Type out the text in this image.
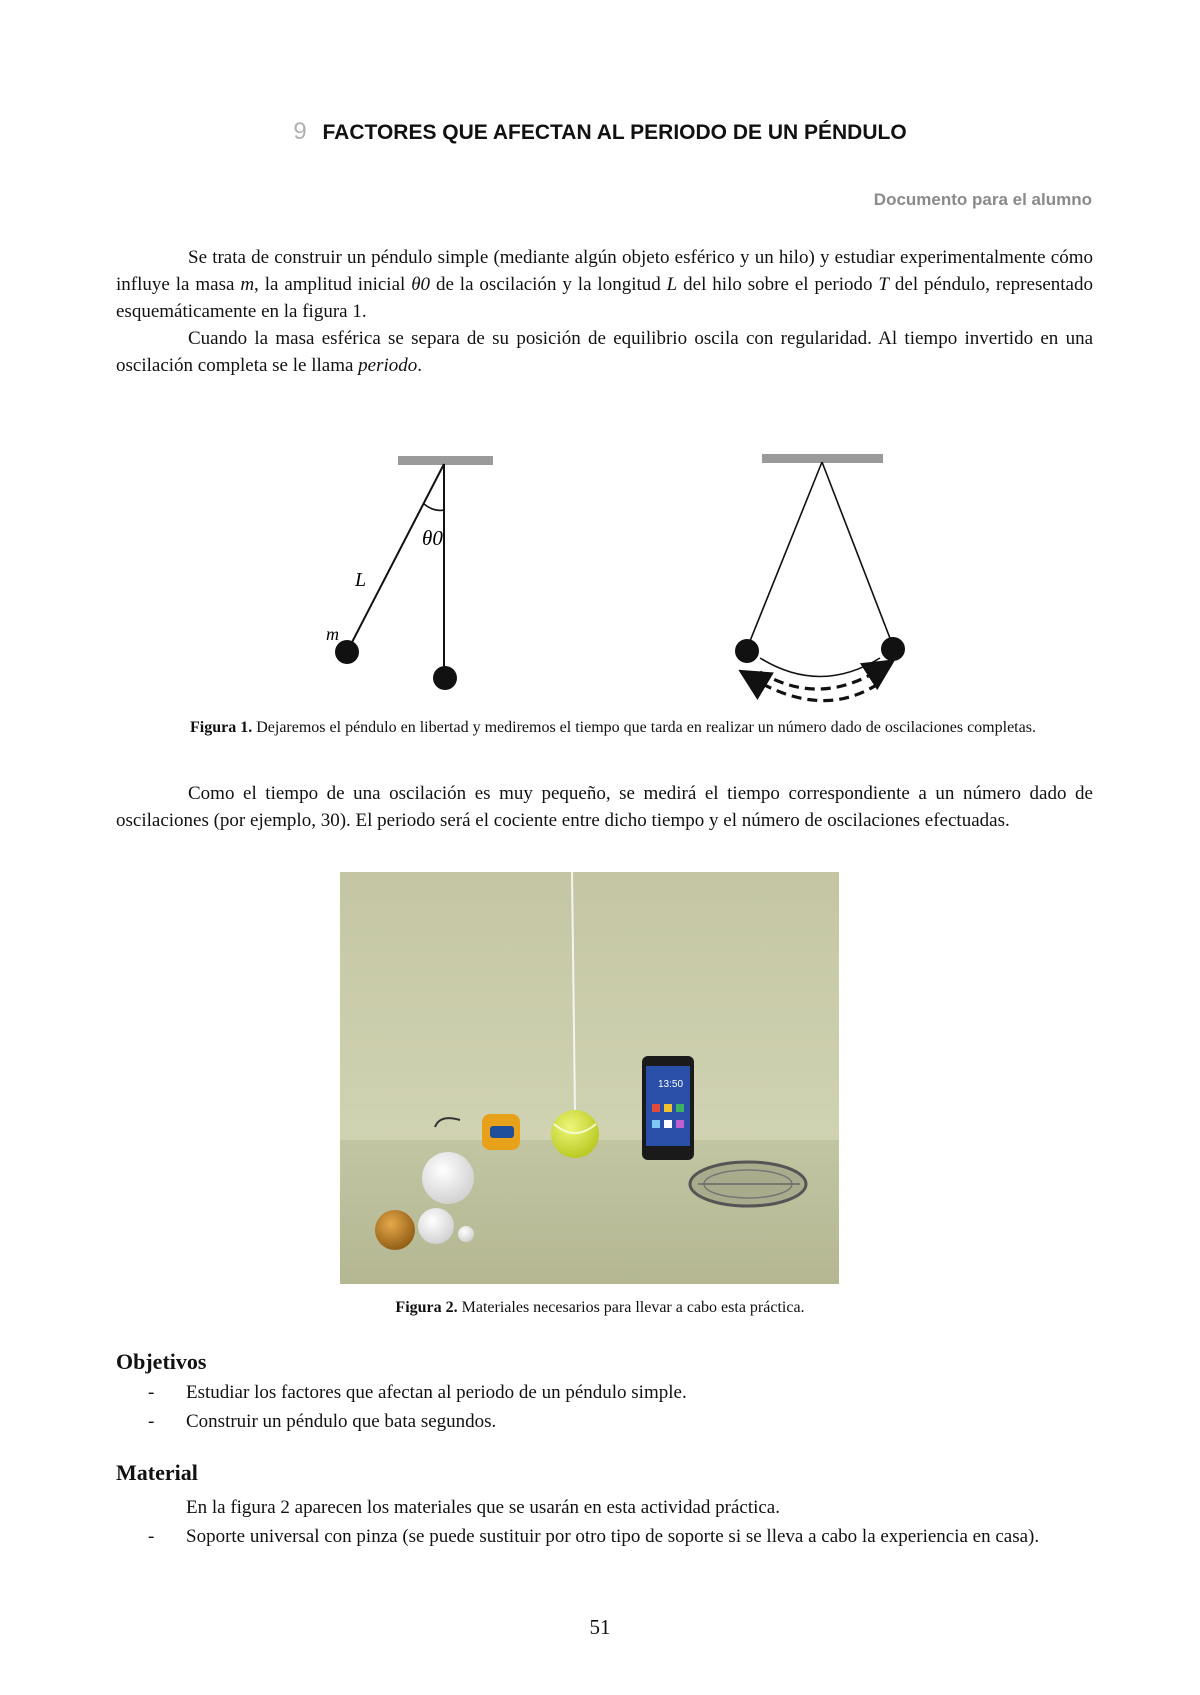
9 FACTORES QUE AFECTAN AL PERIODO DE UN PÉNDULO
Documento para el alumno
Se trata de construir un péndulo simple (mediante algún objeto esférico y un hilo) y estudiar experimentalmente cómo influye la masa m, la amplitud inicial θ0 de la oscilación y la longitud L del hilo sobre el periodo T del péndulo, representado esquemáticamente en la figura 1.
Cuando la masa esférica se separa de su posición de equilibrio oscila con regularidad. Al tiempo invertido en una oscilación completa se le llama periodo.
θ0
L
m
Figura 1. Dejaremos el péndulo en libertad y mediremos el tiempo que tarda en realizar un número dado de oscilaciones completas.
Como el tiempo de una oscilación es muy pequeño, se medirá el tiempo correspondiente a un número dado de oscilaciones (por ejemplo, 30). El periodo será el cociente entre dicho tiempo y el número de oscilaciones efectuadas.
13:50
Figura 2. Materiales necesarios para llevar a cabo esta práctica.
Objetivos
- Estudiar los factores que afectan al periodo de un péndulo simple.
- Construir un péndulo que bata segundos.
Material
En la figura 2 aparecen los materiales que se usarán en esta actividad práctica.
- Soporte universal con pinza (se puede sustituir por otro tipo de soporte si se lleva a cabo la experiencia en casa).
51
